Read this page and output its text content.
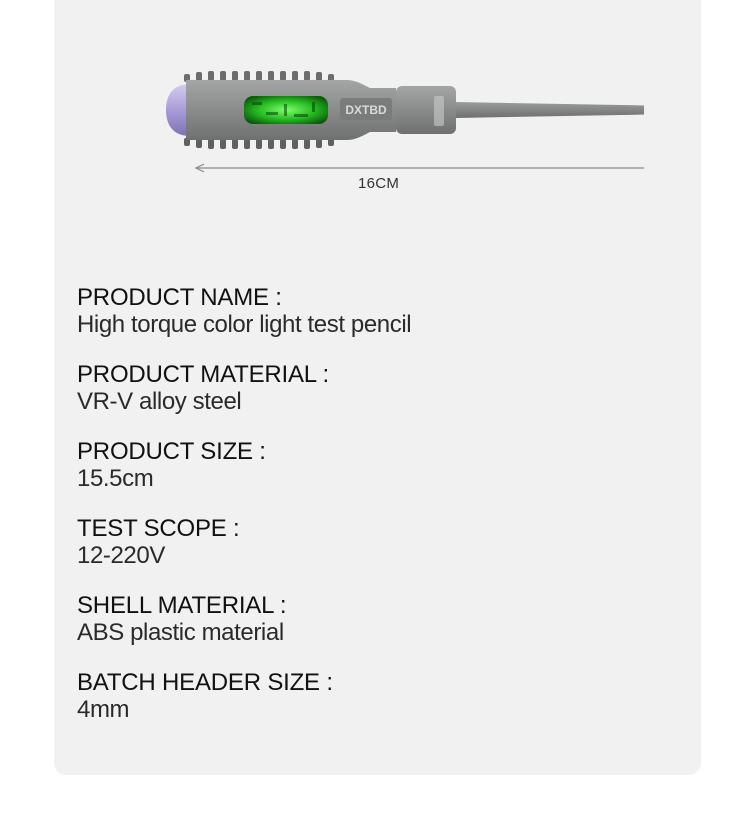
DXTBD
16CM
PRODUCT NAME :
High torque color light test pencil
PRODUCT MATERIAL :
VR-V alloy steel
PRODUCT SIZE :
15.5cm
TEST SCOPE :
12-220V
SHELL MATERIAL :
ABS plastic material
BATCH HEADER SIZE :
4mm
